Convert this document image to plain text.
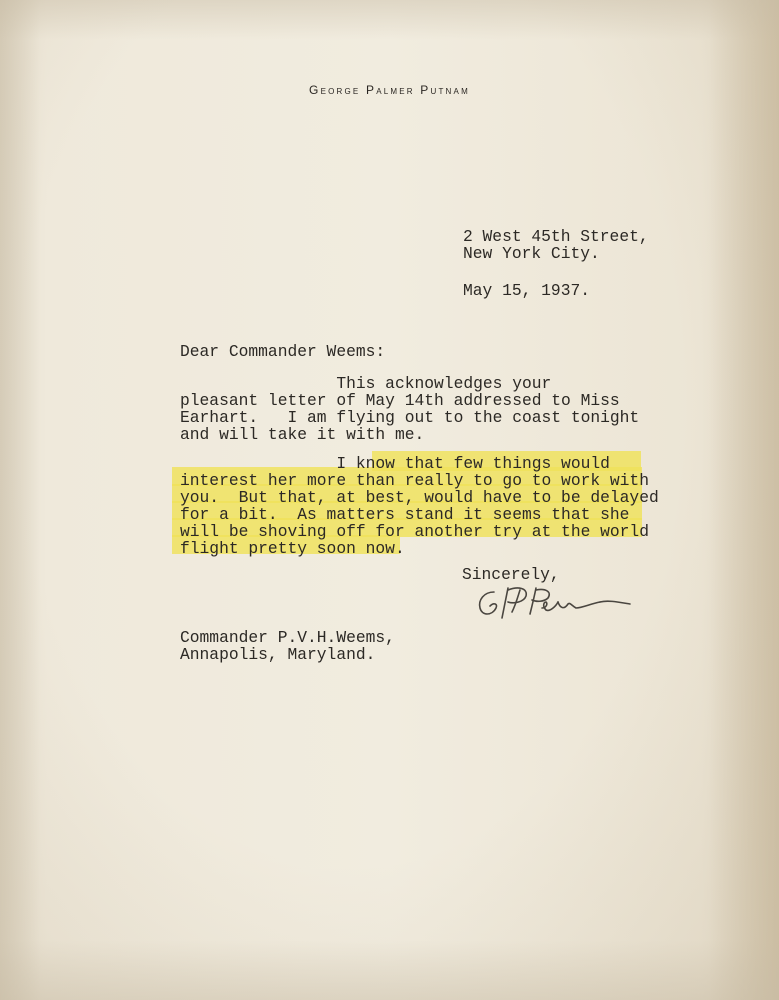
George Palmer Putnam
2 West 45th Street,
New York City.
May 15, 1937.
Dear Commander Weems:
This acknowledges your
pleasant letter of May 14th addressed to Miss
Earhart.   I am flying out to the coast tonight
and will take it with me.
I know that few things would
interest her more than really to go to work with
you.  But that, at best, would have to be delayed
for a bit.  As matters stand it seems that she
will be shoving off for another try at the world
flight pretty soon now.
Sincerely,
Commander P.V.H.Weems,
Annapolis, Maryland.
